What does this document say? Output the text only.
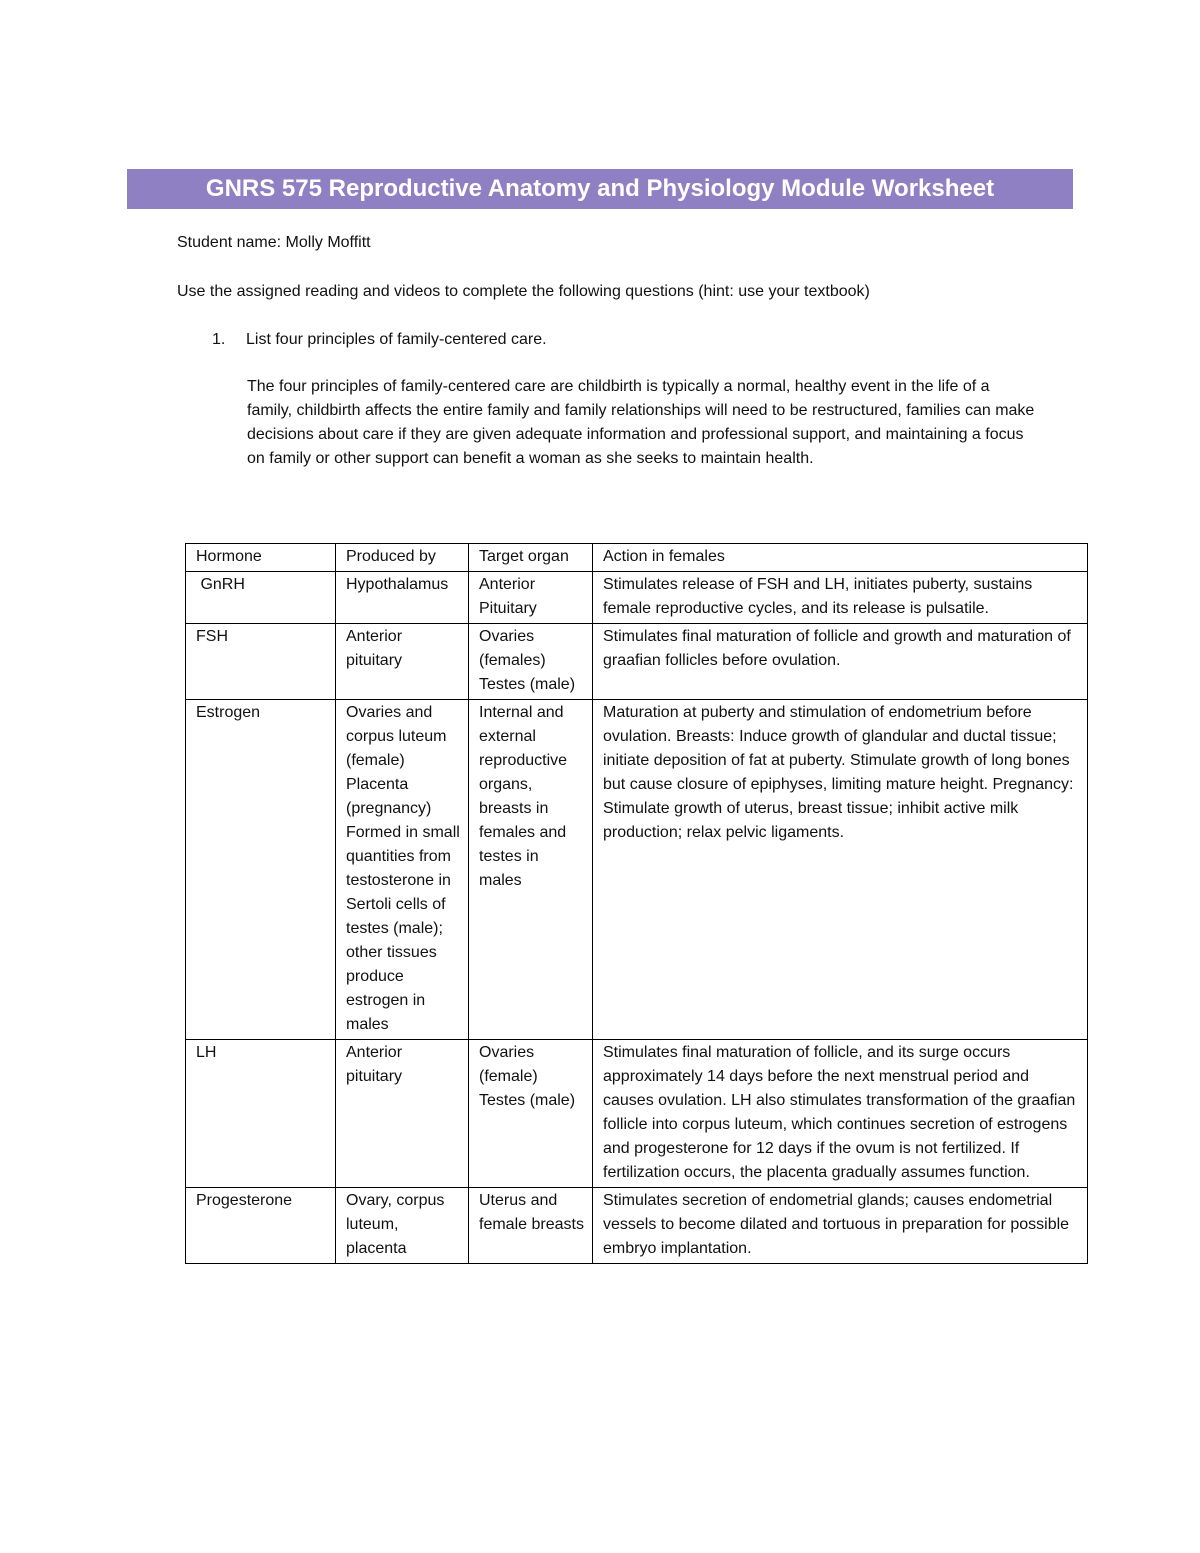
GNRS 575 Reproductive Anatomy and Physiology Module Worksheet
Student name: Molly Moffitt
Use the assigned reading and videos to complete the following questions (hint: use your textbook)
1.	List four principles of family-centered care.
The four principles of family-centered care are childbirth is typically a normal, healthy event in the life of a family, childbirth affects the entire family and family relationships will need to be restructured, families can make decisions about care if they are given adequate information and professional support, and maintaining a focus on family or other support can benefit a woman as she seeks to maintain health.
Hormone	Produced by	Target organ	Action in females
GnRH	Hypothalamus	Anterior Pituitary	Stimulates release of FSH and LH, initiates puberty, sustains female reproductive cycles, and its release is pulsatile.
FSH	Anterior pituitary	Ovaries (females) Testes (male)	Stimulates final maturation of follicle and growth and maturation of graafian follicles before ovulation.
Estrogen	Ovaries and corpus luteum (female) Placenta (pregnancy) Formed in small quantities from testosterone in Sertoli cells of testes (male); other tissues produce estrogen in males	Internal and external reproductive organs, breasts in females and testes in males	Maturation at puberty and stimulation of endometrium before ovulation. Breasts: Induce growth of glandular and ductal tissue; initiate deposition of fat at puberty. Stimulate growth of long bones but cause closure of epiphyses, limiting mature height. Pregnancy: Stimulate growth of uterus, breast tissue; inhibit active milk production; relax pelvic ligaments.
LH	Anterior pituitary	Ovaries (female) Testes (male)	Stimulates final maturation of follicle, and its surge occurs approximately 14 days before the next menstrual period and causes ovulation. LH also stimulates transformation of the graafian follicle into corpus luteum, which continues secretion of estrogens and progesterone for 12 days if the ovum is not fertilized. If fertilization occurs, the placenta gradually assumes function.
Progesterone	Ovary, corpus luteum, placenta	Uterus and female breasts	Stimulates secretion of endometrial glands; causes endometrial vessels to become dilated and tortuous in preparation for possible embryo implantation.
